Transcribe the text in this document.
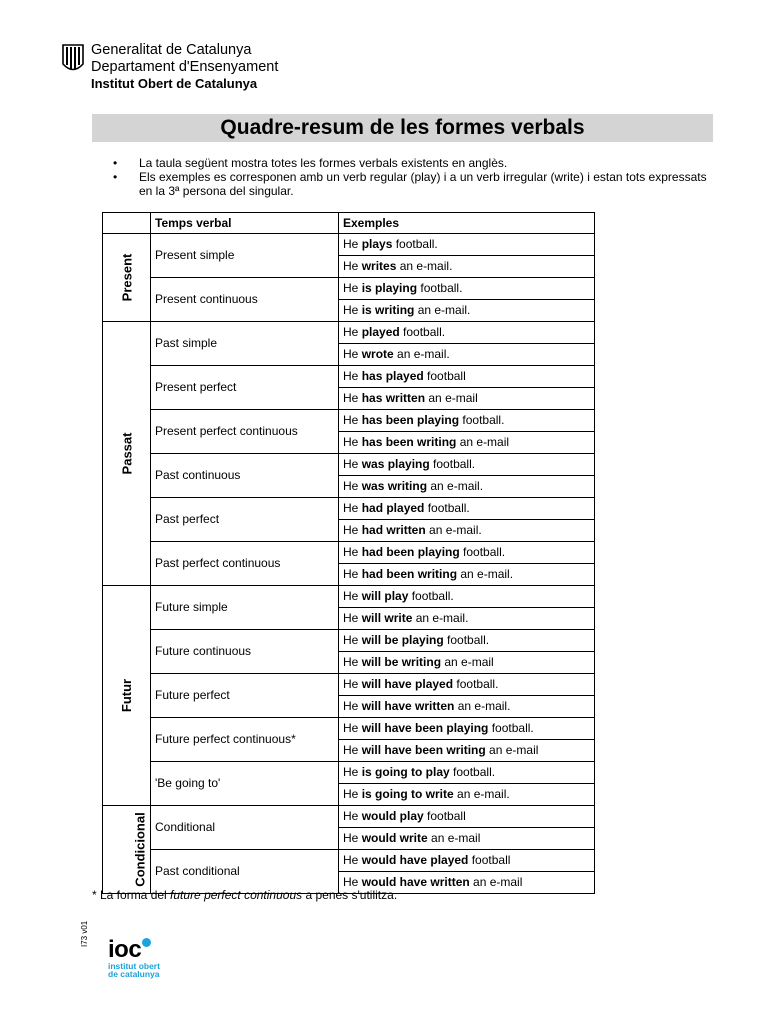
Generalitat de Catalunya
Departament d'Ensenyament
Institut Obert de Catalunya
Quadre-resum de les formes verbals

• La taula següent mostra totes les formes verbals existents en anglès.

• Els exemples es corresponen amb un verb regular (play) i a un verb irregular (write) i estan tots expressats en la 3ª persona del singular.

	Temps verbal	Exemples
Present	Present simple	He plays football.
		He writes an e-mail.
	Present continuous	He is playing football.
		He is writing an e-mail.
Passat	Past simple	He played football.
		He wrote an e-mail.
	Present perfect	He has played football
		He has written an e-mail
	Present perfect continuous	He has been playing football.
		He has been writing an e-mail
	Past continuous	He was playing football.
		He was writing an e-mail.
	Past perfect	He had played football.
		He had written an e-mail.
	Past perfect continuous	He had been playing football.
		He had been writing an e-mail.
Futur	Future simple	He will play football.
		He will write an e-mail.
	Future continuous	He will be playing football.
		He will be writing an e-mail
	Future perfect	He will have played football.
		He will have written an e-mail.
	Future perfect continuous*	He will have been playing football.
		He will have been writing an e-mail
	'Be going to'	He is going to play football.
		He is going to write an e-mail.
Condicional	Conditional	He would play football
		He would write an e-mail
	Past conditional	He would have played football
		He would have written an e-mail
* La forma del future perfect continuous a penes s'utilitza.
I73 v01
ioc
institut obert
de catalunya
